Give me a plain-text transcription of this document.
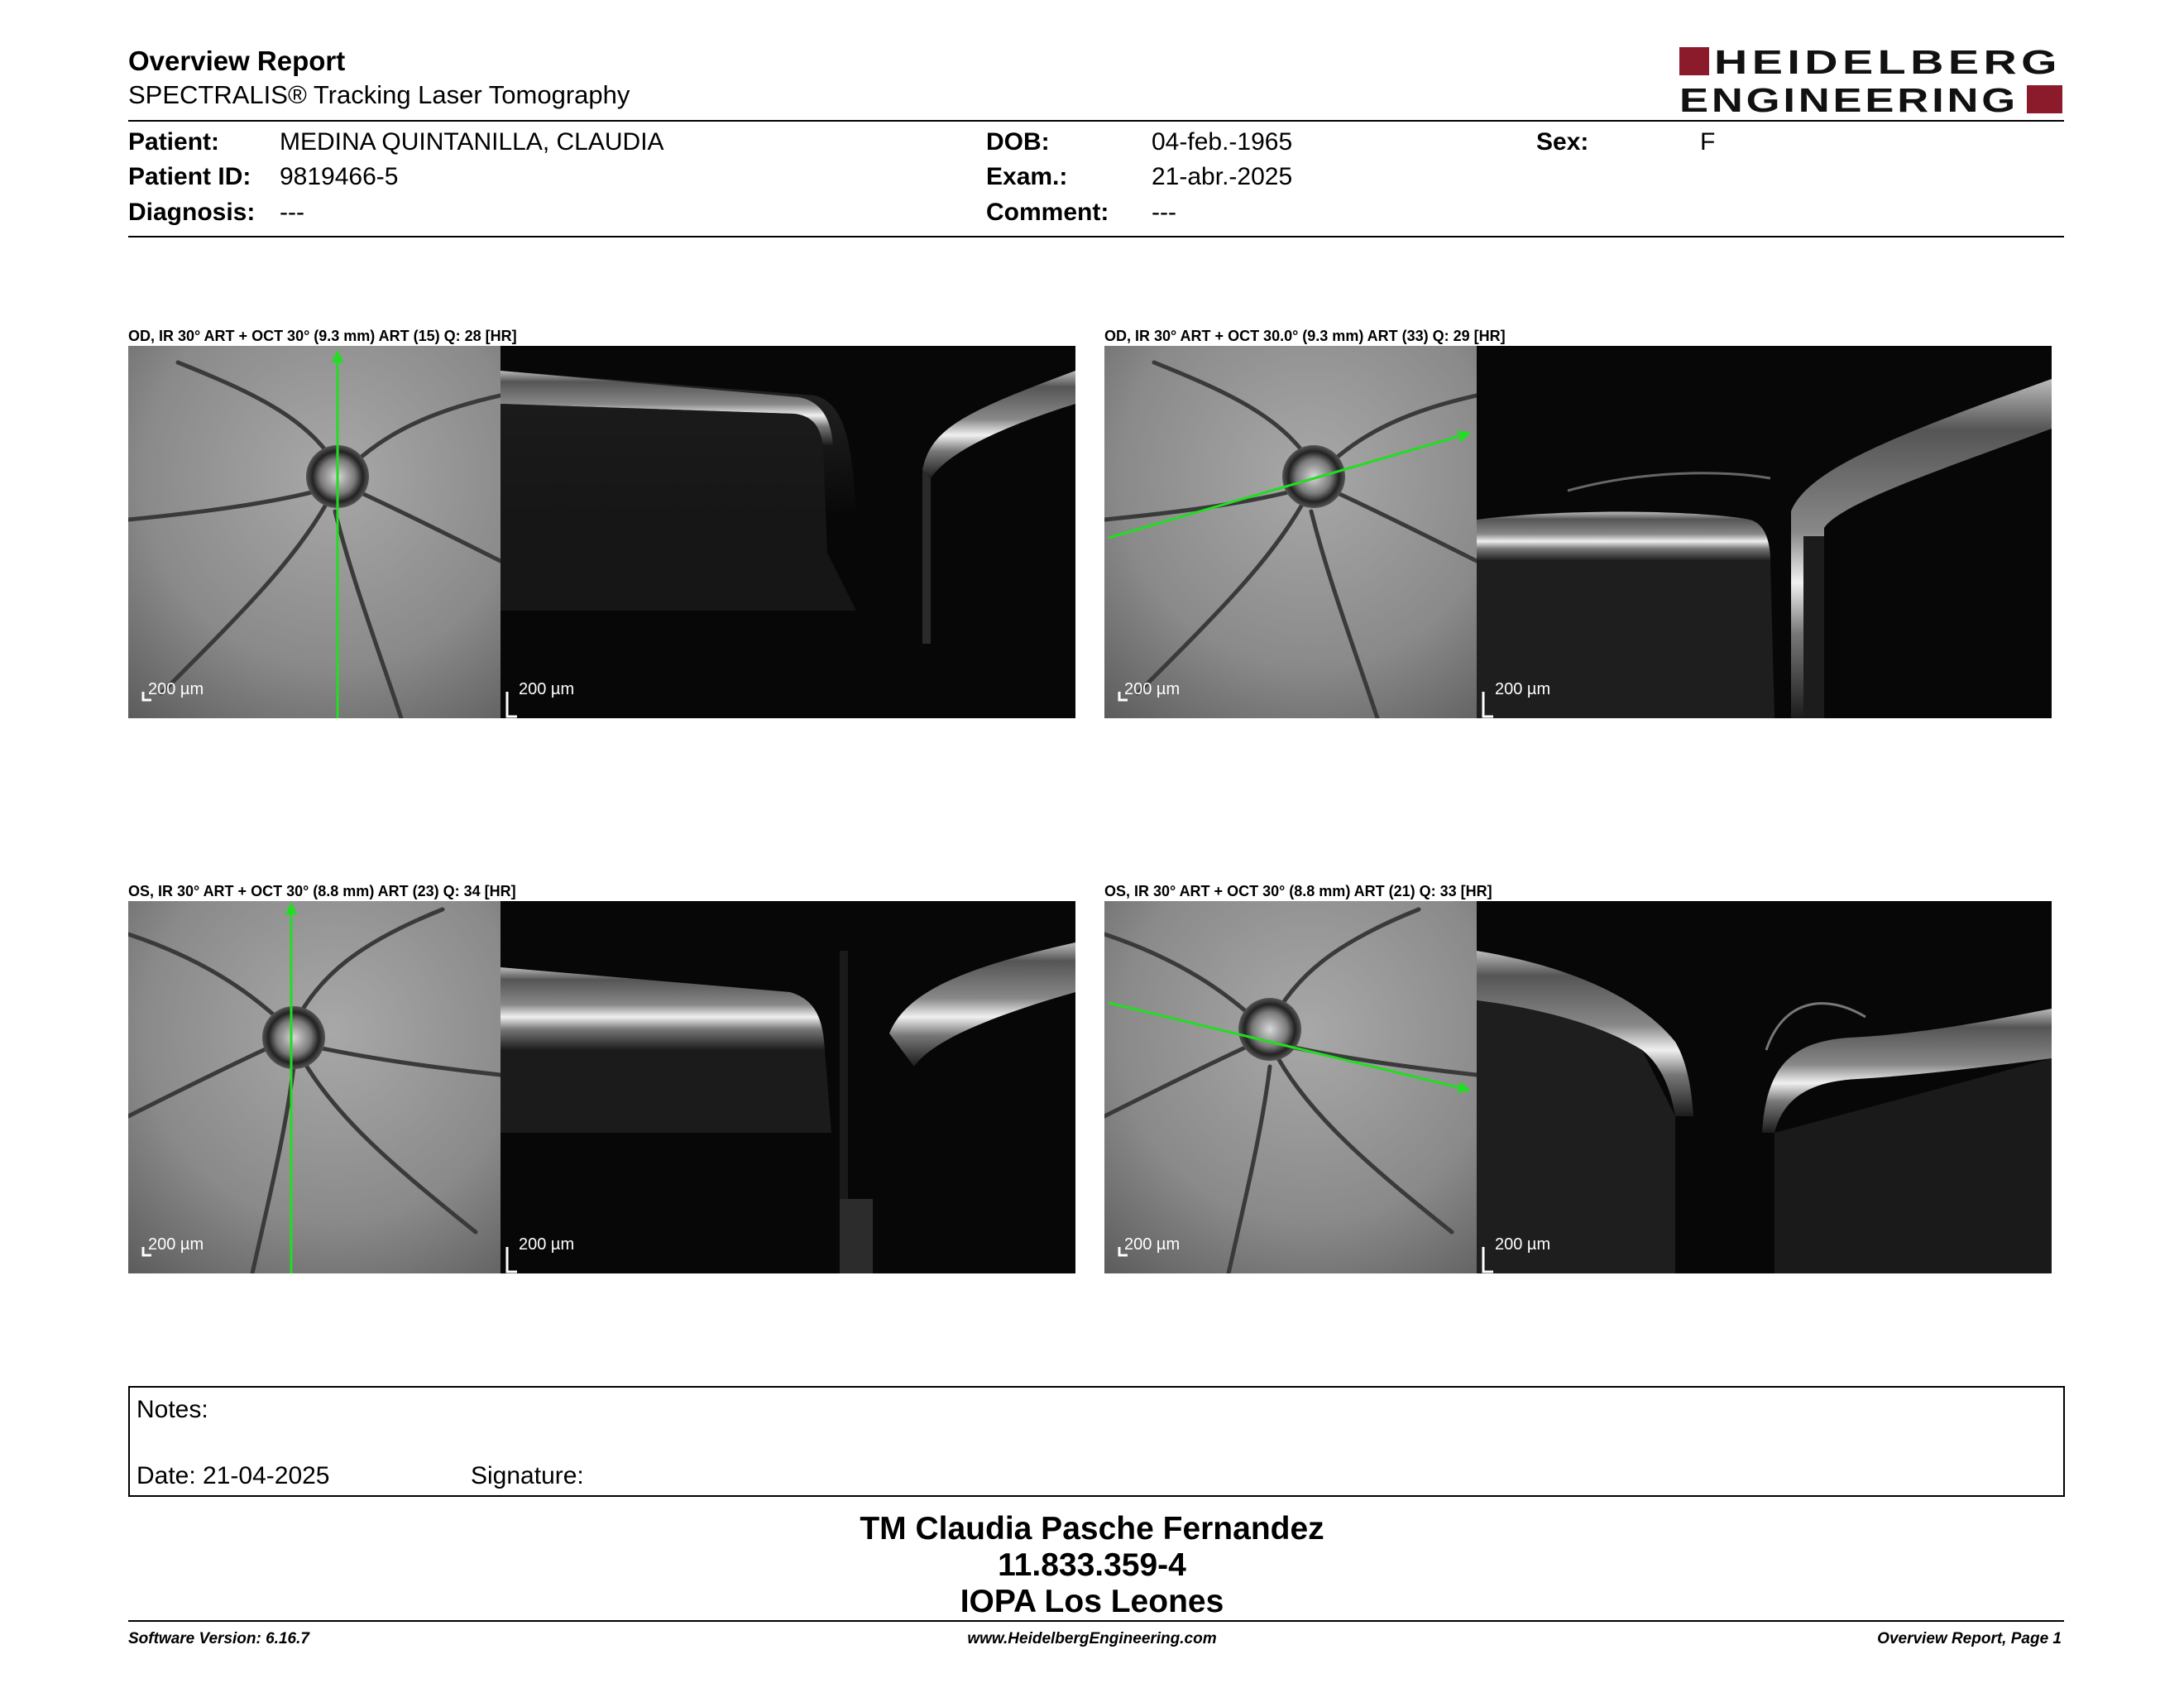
Overview Report
SPECTRALIS® Tracking Laser Tomography
HEIDELBERG
ENGINEERING
Patient: MEDINA QUINTANILLA, CLAUDIA
Patient ID: 9819466-5
Diagnosis: ---
DOB:	04-feb.-1965
Exam.:	21-abr.-2025
Comment: ---
Sex:	F
OD, IR 30° ART + OCT 30° (9.3 mm) ART (15) Q: 28 [HR]
200 µm	200 µm
OD, IR 30° ART + OCT 30.0° (9.3 mm) ART (33) Q: 29 [HR]
200 µm	200 µm
OS, IR 30° ART + OCT 30° (8.8 mm) ART (23) Q: 34 [HR]
200 µm	200 µm
OS, IR 30° ART + OCT 30° (8.8 mm) ART (21) Q: 33 [HR]
200 µm	200 µm
Notes:
Date: 21-04-2025	Signature:
TM Claudia Pasche Fernandez
11.833.359-4
IOPA Los Leones
Software Version: 6.16.7	www.HeidelbergEngineering.com	Overview Report, Page 1
